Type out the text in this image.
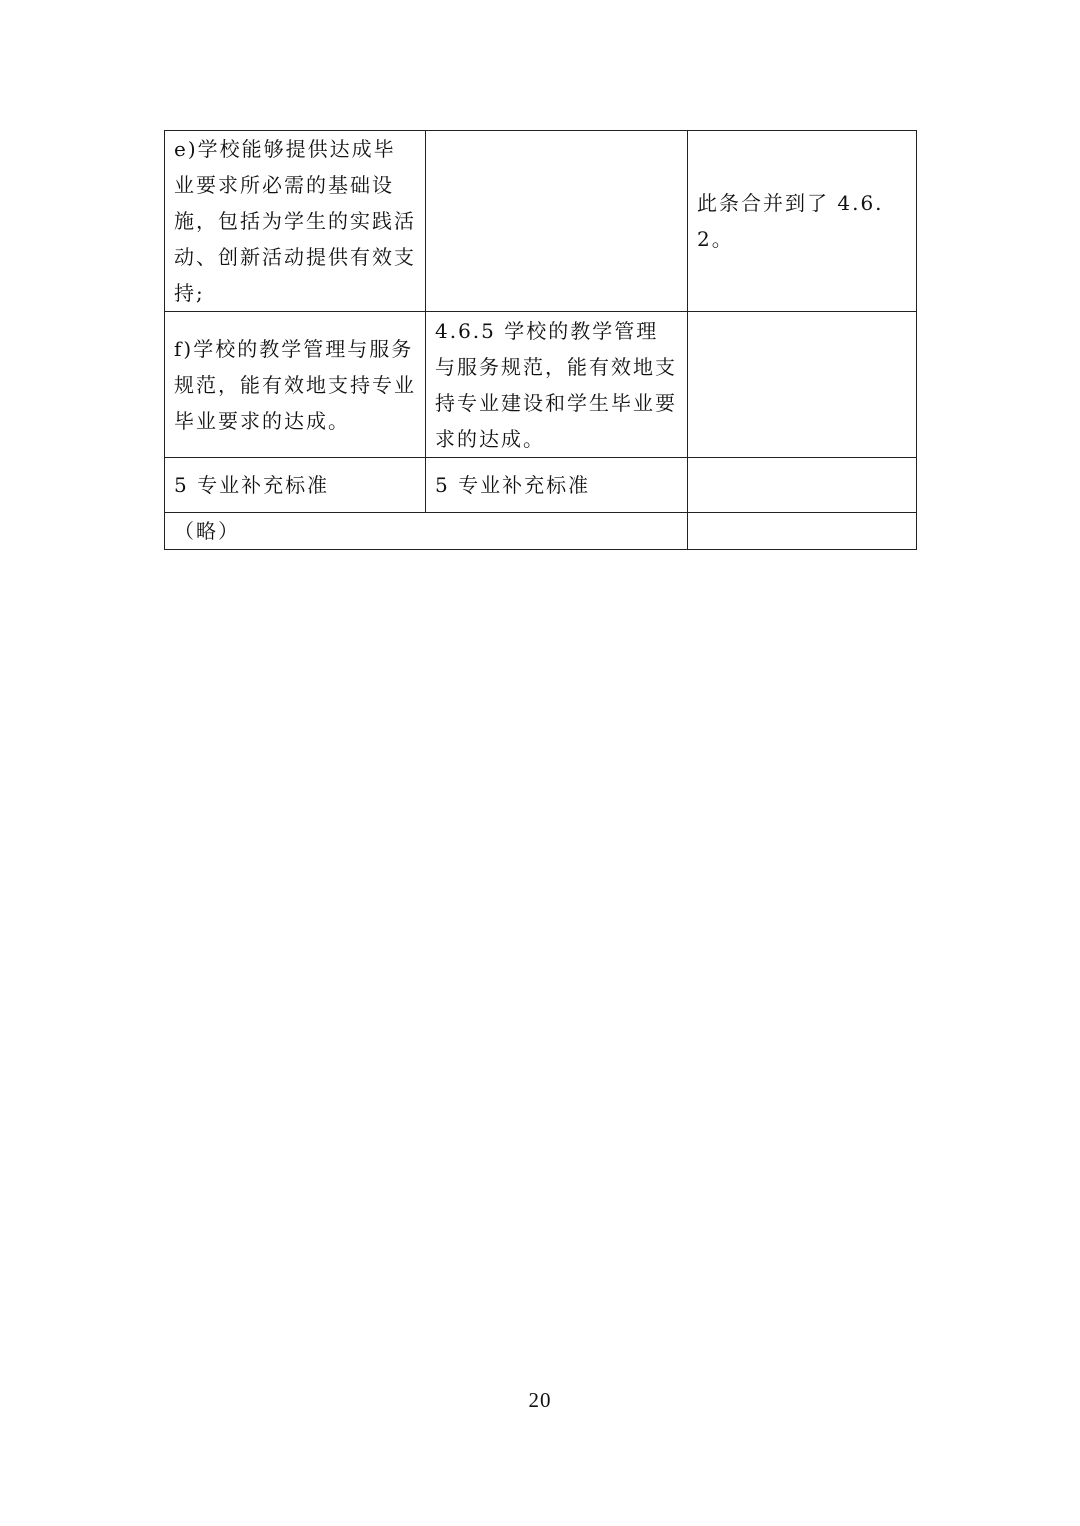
e)学校能够提供达成毕业要求所必需的基础设施，包括为学生的实践活动、创新活动提供有效支持;		此条合并到了 4.6.2。

f)学校的教学管理与服务规范，能有效地支持专业毕业要求的达成。	4.6.5 学校的教学管理与服务规范，能有效地支持专业建设和学生毕业要求的达成。	

5 专业补充标准	5 专业补充标准	

（略）		

20
